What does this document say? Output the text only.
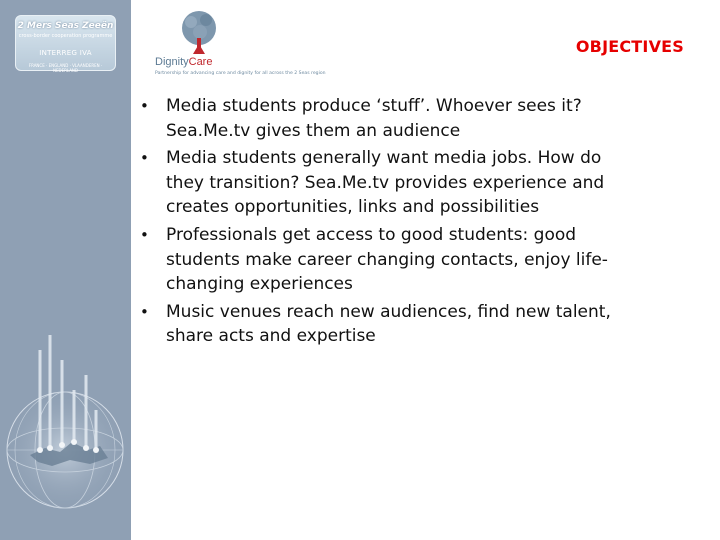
2 Mers Seas Zeeën
cross-border cooperation programme
INTERREG IVA
FRANCE · ENGLAND · VLAANDEREN · NEDERLAND
DignityCare
Partnership for advancing care and dignity for all across the 2 Seas region
OBJECTIVES
• Media students produce ‘stuff’. Whoever sees it? Sea.Me.tv gives them an audience
• Media students generally want media jobs. How do they transition? Sea.Me.tv provides experience and creates opportunities, links and possibilities
• Professionals get access to good students: good students make career changing contacts, enjoy life-changing experiences
• Music venues reach new audiences, find new talent, share acts and expertise
